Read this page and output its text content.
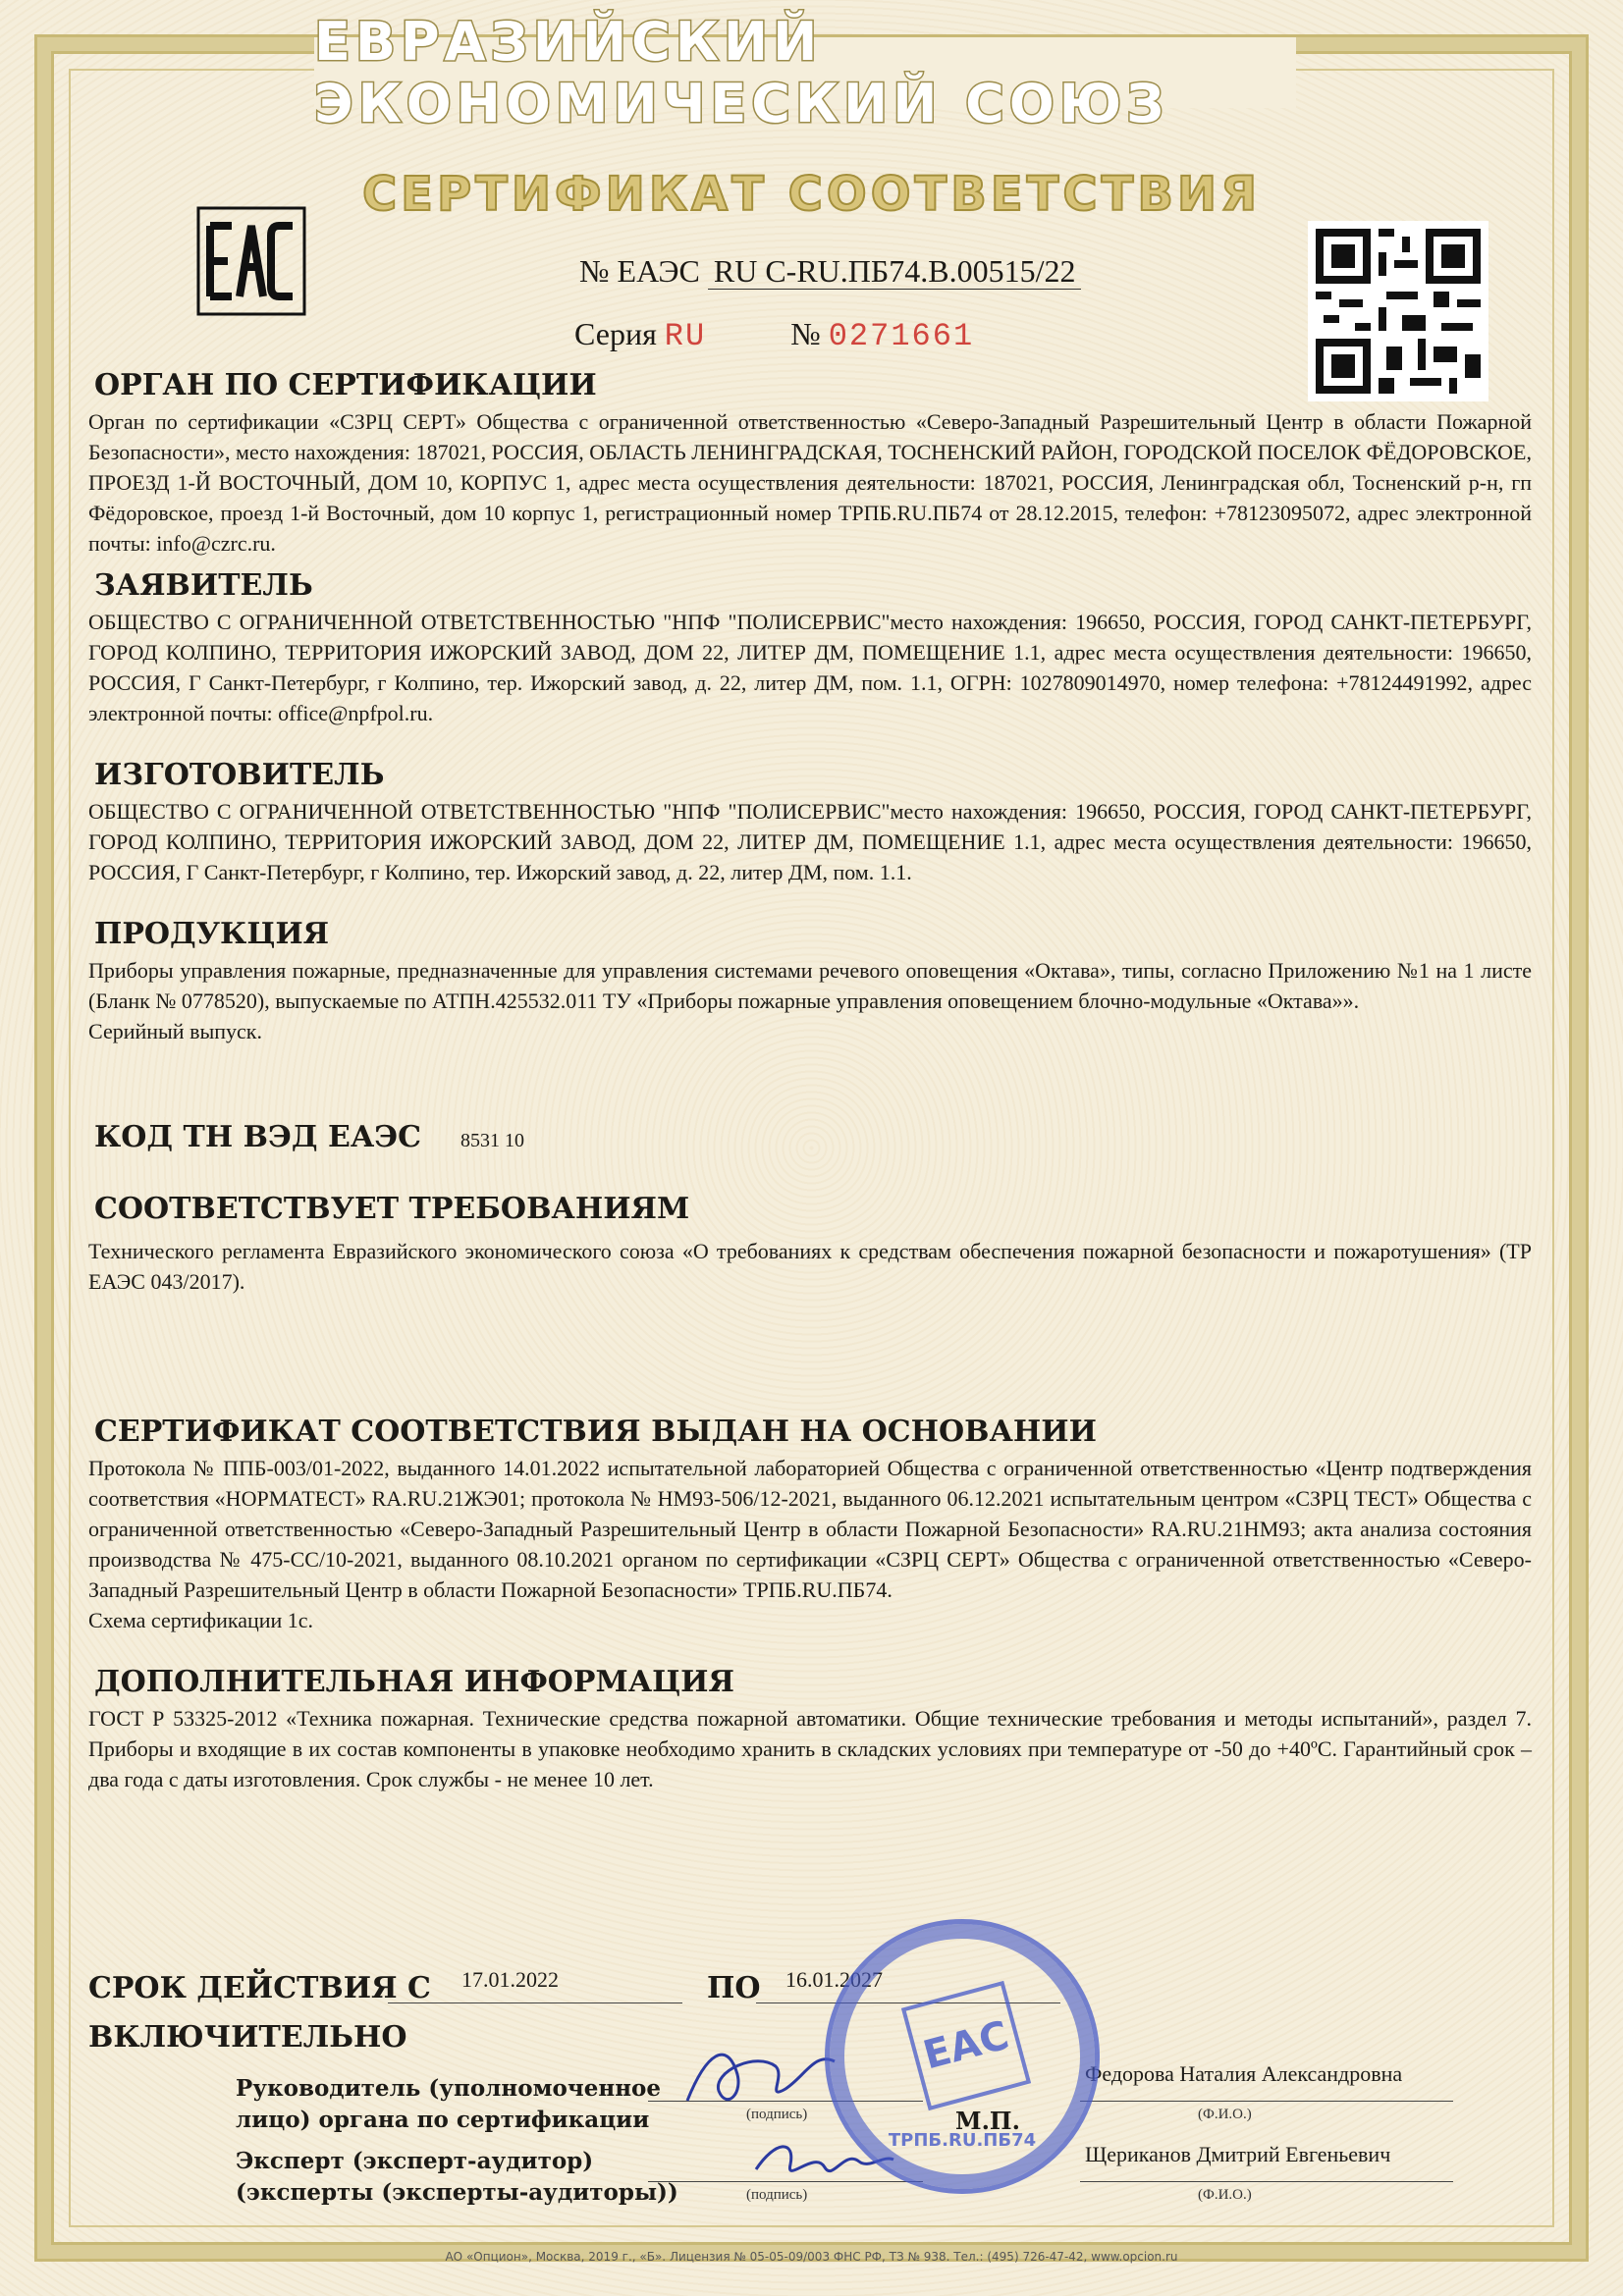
ЕВРАЗИЙСКИЙ ЭКОНОМИЧЕСКИЙ СОЮЗ
СЕРТИФИКАТ СООТВЕТСТВИЯ
№ ЕАЭС RU C-RU.ПБ74.В.00515/22
Серия RU	№ 0271661
ОРГАН ПО СЕРТИФИКАЦИИ

Орган по сертификации «СЗРЦ СЕРТ» Общества с ограниченной ответственностью «Северо-Западный Разрешительный Центр в области Пожарной Безопасности», место нахождения: 187021, РОССИЯ, ОБЛАСТЬ ЛЕНИНГРАДСКАЯ, ТОСНЕНСКИЙ РАЙОН, ГОРОДСКОЙ ПОСЕЛОК ФЁДОРОВСКОЕ, ПРОЕЗД 1-Й ВОСТОЧНЫЙ, ДОМ 10, КОРПУС 1, адрес места осуществления деятельности: 187021, РОССИЯ, Ленинградская обл, Тосненский р-н, гп Фёдоровское, проезд 1-й Восточный, дом 10 корпус 1, регистрационный номер ТРПБ.RU.ПБ74 от 28.12.2015, телефон: +78123095072, адрес электронной почты: info@czrc.ru.

ЗАЯВИТЕЛЬ

ОБЩЕСТВО С ОГРАНИЧЕННОЙ ОТВЕТСТВЕННОСТЬЮ "НПФ "ПОЛИСЕРВИС"место нахождения: 196650, РОССИЯ, ГОРОД САНКТ-ПЕТЕРБУРГ, ГОРОД КОЛПИНО, ТЕРРИТОРИЯ ИЖОРСКИЙ ЗАВОД, ДОМ 22, ЛИТЕР ДМ, ПОМЕЩЕНИЕ 1.1, адрес места осуществления деятельности: 196650, РОССИЯ, Г Санкт-Петербург, г Колпино, тер. Ижорский завод, д. 22, литер ДМ, пом. 1.1, ОГРН: 1027809014970, номер телефона: +78124491992, адрес электронной почты: office@npfpol.ru.

ИЗГОТОВИТЕЛЬ

ОБЩЕСТВО С ОГРАНИЧЕННОЙ ОТВЕТСТВЕННОСТЬЮ "НПФ "ПОЛИСЕРВИС"место нахождения: 196650, РОССИЯ, ГОРОД САНКТ-ПЕТЕРБУРГ, ГОРОД КОЛПИНО, ТЕРРИТОРИЯ ИЖОРСКИЙ ЗАВОД, ДОМ 22, ЛИТЕР ДМ, ПОМЕЩЕНИЕ 1.1, адрес места осуществления деятельности: 196650, РОССИЯ, Г Санкт-Петербург, г Колпино, тер. Ижорский завод, д. 22, литер ДМ, пом. 1.1.

ПРОДУКЦИЯ

Приборы управления пожарные, предназначенные для управления системами речевого оповещения «Октава», типы, согласно Приложению №1 на 1 листе (Бланк № 0778520), выпускаемые по АТПН.425532.011 ТУ «Приборы пожарные управления оповещением блочно-модульные «Октава»».

Серийный выпуск.

КОД ТН ВЭД ЕАЭС 8531 10
СООТВЕТСТВУЕТ ТРЕБОВАНИЯМ

Технического регламента Евразийского экономического союза «О требованиях к средствам обеспечения пожарной безопасности и пожаротушения» (ТР ЕАЭС 043/2017).

СЕРТИФИКАТ СООТВЕТСТВИЯ ВЫДАН НА ОСНОВАНИИ

Протокола № ППБ-003/01-2022, выданного 14.01.2022 испытательной лабораторией Общества с ограниченной ответственностью «Центр подтверждения соответствия «НОРМАТЕСТ» RA.RU.21ЖЭ01; протокола № НМ93-506/12-2021, выданного 06.12.2021 испытательным центром «СЗРЦ ТЕСТ» Общества с ограниченной ответственностью «Северо-Западный Разрешительный Центр в области Пожарной Безопасности» RA.RU.21НМ93; акта анализа состояния производства № 475-СС/10-2021, выданного 08.10.2021 органом по сертификации «СЗРЦ СЕРТ» Общества с ограниченной ответственностью «Северо-Западный Разрешительный Центр в области Пожарной Безопасности» ТРПБ.RU.ПБ74.

Схема сертификации 1с.

ДОПОЛНИТЕЛЬНАЯ ИНФОРМАЦИЯ

ГОСТ Р 53325-2012 «Техника пожарная. Технические средства пожарной автоматики. Общие технические требования и методы испытаний», раздел 7. Приборы и входящие в их состав компоненты в упаковке необходимо хранить в складских условиях при температуре от -50 до +40ºС. Гарантийный срок – два года с даты изготовления. Срок службы - не менее 10 лет.

СРОК ДЕЙСТВИЯ С 17.01.2022	ПО 16.01.2027
ВКЛЮЧИТЕЛЬНО
Руководитель (уполномоченное
лицо) органа по сертификации	(подпись)
Федорова Наталия Александровна
(Ф.И.О.)
М.П.
Эксперт (эксперт-аудитор)
(эксперты (эксперты-аудиторы))	(подпись)
Щериканов Дмитрий Евгеньевич
(Ф.И.О.)
ЕАС
ТРПБ.RU.ПБ74
АО «Опцион», Москва, 2019 г., «Б». Лицензия № 05-05-09/003 ФНС РФ, ТЗ № 938. Тел.: (495) 726-47-42, www.opcion.ru
